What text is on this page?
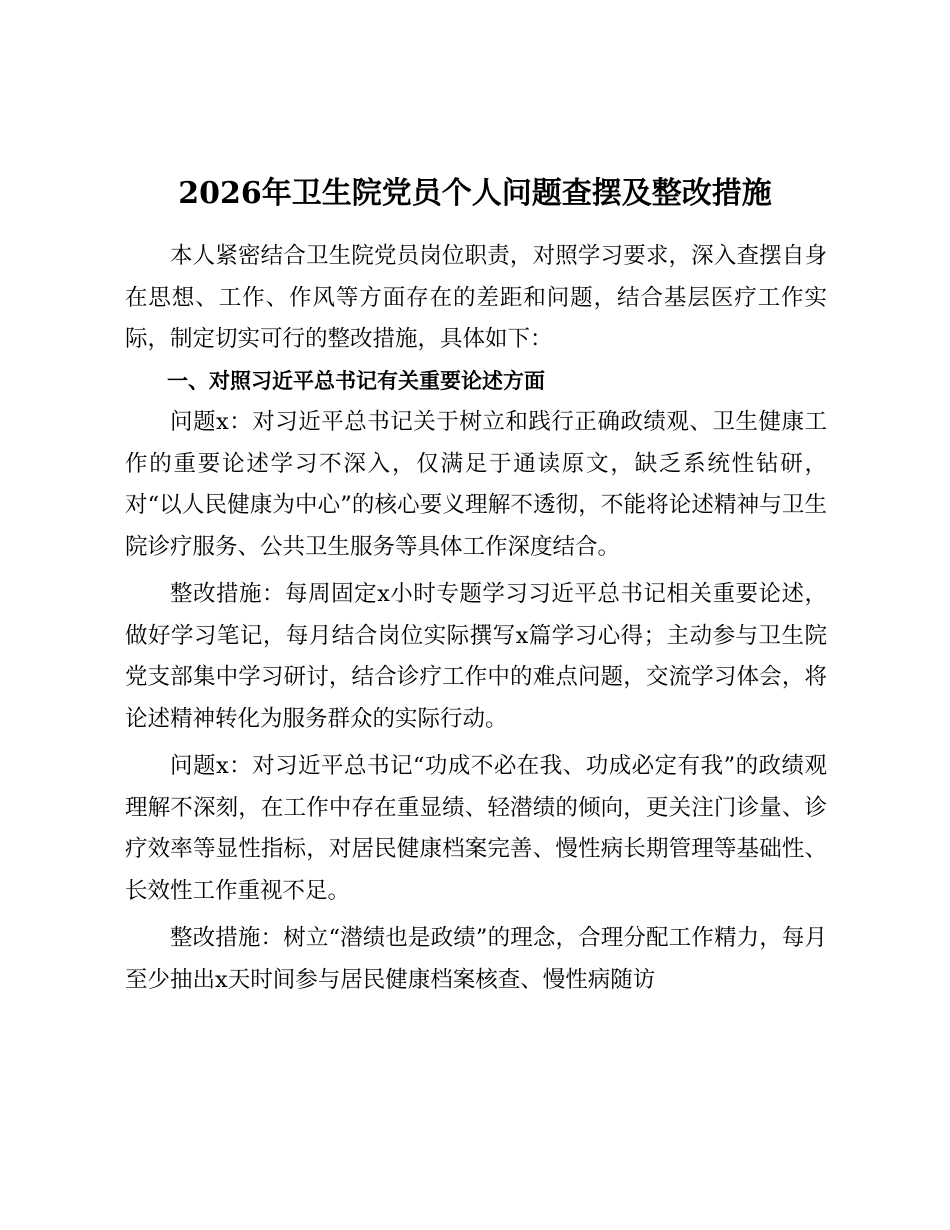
2026年卫生院党员个人问题查摆及整改措施

本人紧密结合卫生院党员岗位职责，对照学习要求，深入查摆自身在思想、工作、作风等方面存在的差距和问题，结合基层医疗工作实际，制定切实可行的整改措施，具体如下：

一、对照习近平总书记有关重要论述方面

问题x：对习近平总书记关于树立和践行正确政绩观、卫生健康工作的重要论述学习不深入，仅满足于通读原文，缺乏系统性钻研，对“以人民健康为中心”的核心要义理解不透彻，不能将论述精神与卫生院诊疗服务、公共卫生服务等具体工作深度结合。

整改措施：每周固定x小时专题学习习近平总书记相关重要论述，做好学习笔记，每月结合岗位实际撰写x篇学习心得；主动参与卫生院党支部集中学习研讨，结合诊疗工作中的难点问题，交流学习体会，将论述精神转化为服务群众的实际行动。

问题x：对习近平总书记“功成不必在我、功成必定有我”的政绩观理解不深刻，在工作中存在重显绩、轻潜绩的倾向，更关注门诊量、诊疗效率等显性指标，对居民健康档案完善、慢性病长期管理等基础性、长效性工作重视不足。

整改措施：树立“潜绩也是政绩”的理念，合理分配工作精力，每月至少抽出x天时间参与居民健康档案核查、慢性病随访
